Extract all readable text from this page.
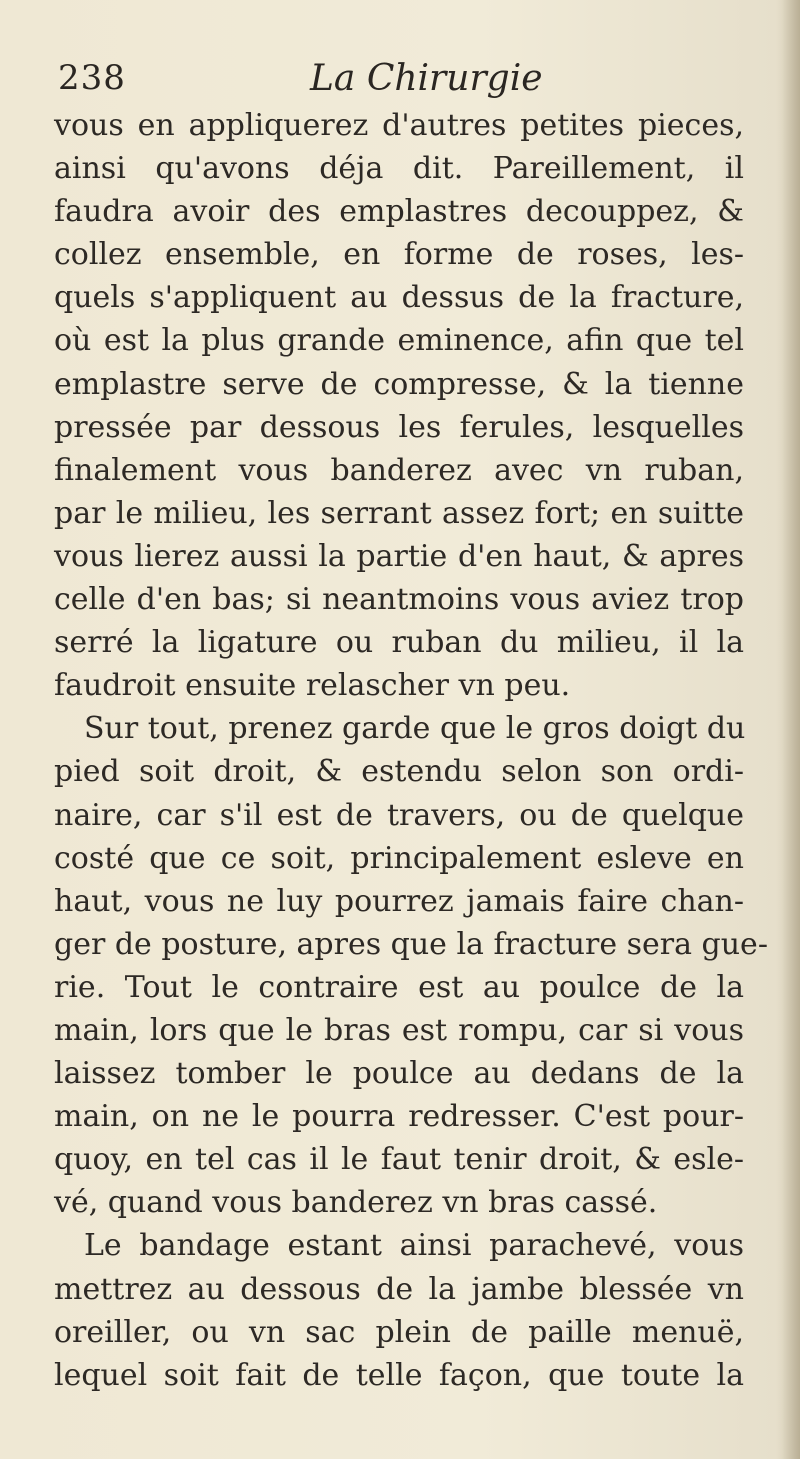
238	La Chirurgie
vous en appliquerez d'autres petites pieces,
ainsi qu'avons déja dit. Pareillement, il
faudra avoir des emplastres decouppez, &
collez ensemble, en forme de roses, les-
quels s'appliquent au dessus de la fracture,
où est la plus grande eminence, afin que tel
emplastre serve de compresse, & la tienne
pressée par dessous les ferules, lesquelles
finalement vous banderez avec vn ruban,
par le milieu, les serrant assez fort; en suitte
vous lierez aussi la partie d'en haut, & apres
celle d'en bas; si neantmoins vous aviez trop
serré la ligature ou ruban du milieu, il la
faudroit ensuite relascher vn peu.
Sur tout, prenez garde que le gros doigt du
pied soit droit, & estendu selon son ordi-
naire, car s'il est de travers, ou de quelque
costé que ce soit, principalement esleve en
haut, vous ne luy pourrez jamais faire chan-
ger de posture, apres que la fracture sera gue-
rie. Tout le contraire est au poulce de la
main, lors que le bras est rompu, car si vous
laissez tomber le poulce au dedans de la
main, on ne le pourra redresser. C'est pour-
quoy, en tel cas il le faut tenir droit, & esle-
vé, quand vous banderez vn bras cassé.
Le bandage estant ainsi parachevé, vous
mettrez au dessous de la jambe blessée vn
oreiller, ou vn sac plein de paille menuë,
lequel soit fait de telle façon, que toute la
